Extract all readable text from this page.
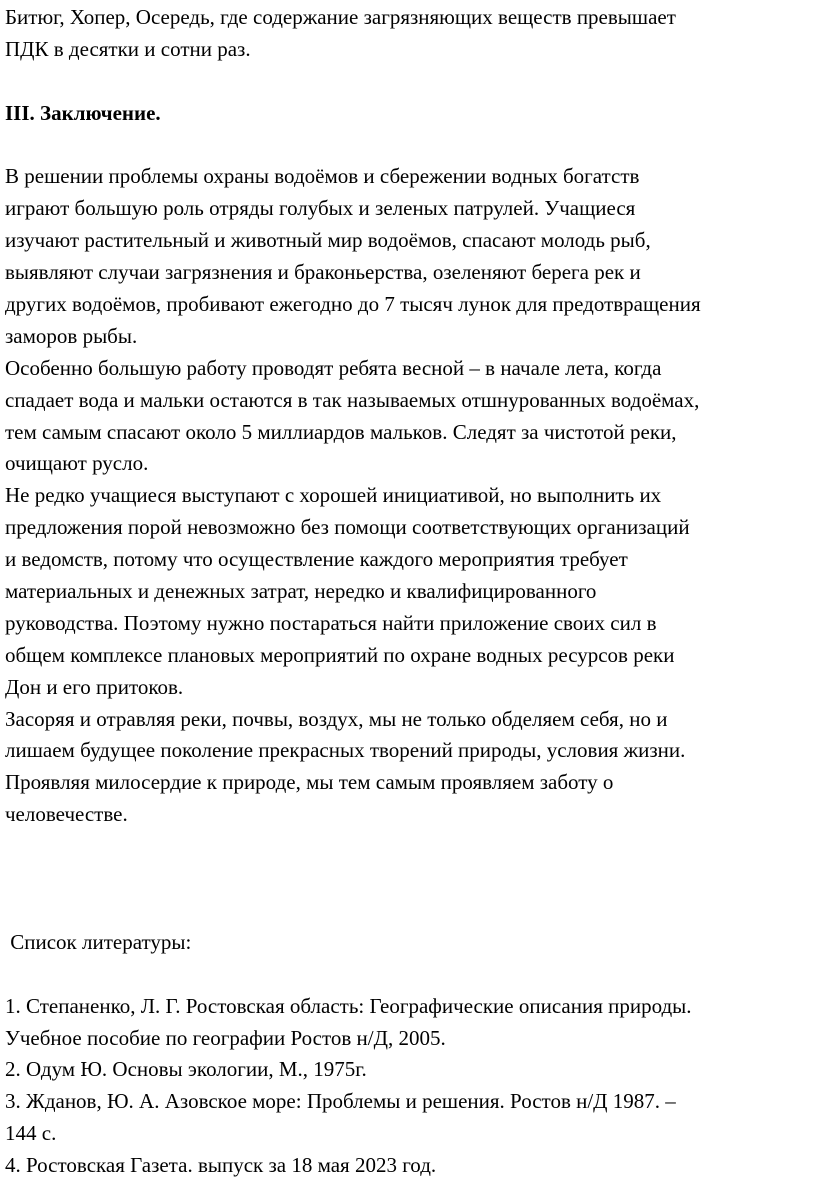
Битюг, Хопер, Осередь, где содержание загрязняющих веществ превышает
ПДК в десятки и сотни раз.
III. Заключение.
В решении проблемы охраны водоёмов и сбережении водных богатств
играют большую роль отряды голубых и зеленых патрулей. Учащиеся
изучают растительный и животный мир водоёмов, спасают молодь рыб,
выявляют случаи загрязнения и браконьерства, озеленяют берега рек и
других водоёмов, пробивают ежегодно до 7 тысяч лунок для предотвращения
заморов рыбы.
Особенно большую работу проводят ребята весной – в начале лета, когда
спадает вода и мальки остаются в так называемых отшнурованных водоёмах,
тем самым спасают около 5 миллиардов мальков. Следят за чистотой реки,
очищают русло.
Не редко учащиеся выступают с хорошей инициативой, но выполнить их
предложения порой невозможно без помощи соответствующих организаций
и ведомств, потому что осуществление каждого мероприятия требует
материальных и денежных затрат, нередко и квалифицированного
руководства. Поэтому нужно постараться найти приложение своих сил в
общем комплексе плановых мероприятий по охране водных ресурсов реки
Дон и его притоков.
Засоряя и отравляя реки, почвы, воздух, мы не только обделяем себя, но и
лишаем будущее поколение прекрасных творений природы, условия жизни.
Проявляя милосердие к природе, мы тем самым проявляем заботу о
человечестве.
Список литературы:
1. Степаненко, Л. Г. Ростовская область: Географические описания природы.
Учебное пособие по географии Ростов н/Д, 2005.
2. Одум Ю. Основы экологии, М., 1975г.
3. Жданов, Ю. А. Азовское море: Проблемы и решения. Ростов н/Д 1987. –
144 с.
4. Ростовская Газета. выпуск за 18 мая 2023 год.
